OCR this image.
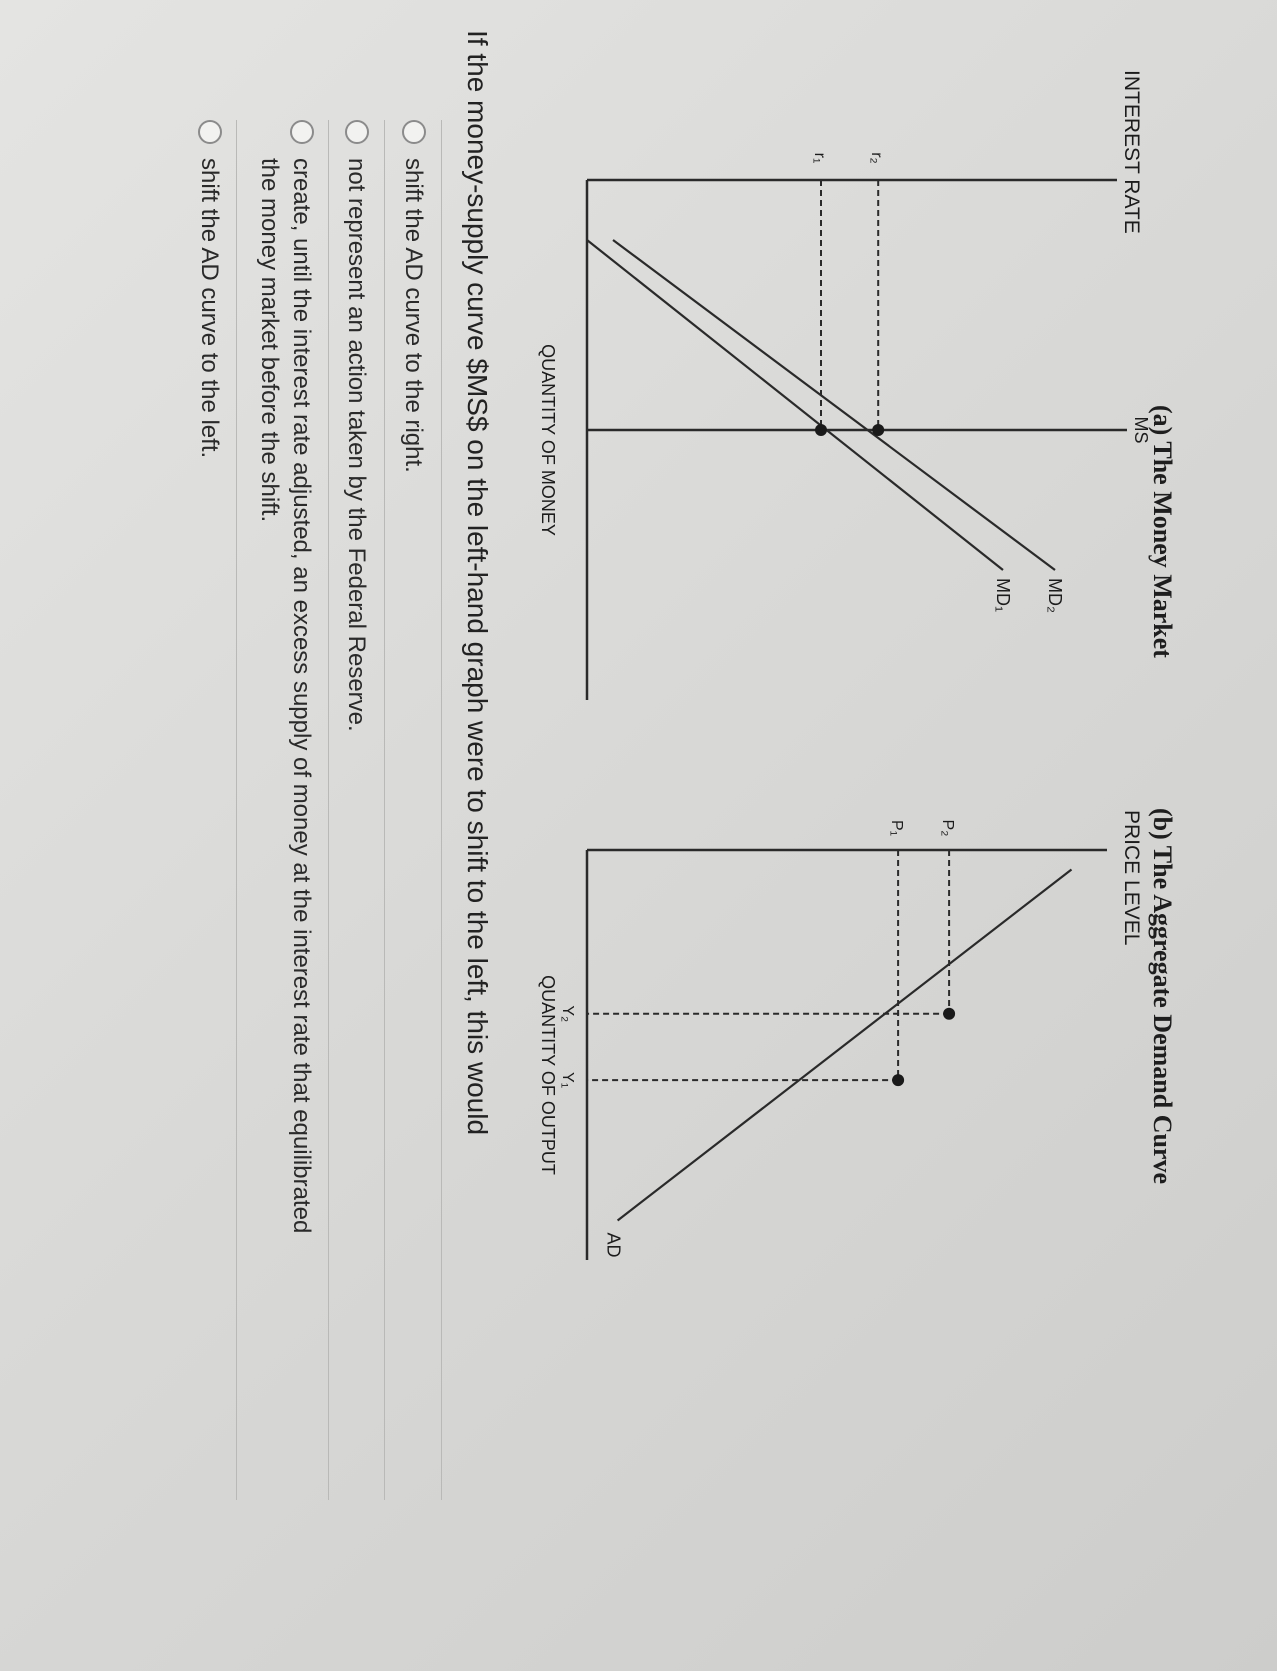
(a) The Money Market
(b) The Aggregate Demand Curve
INTEREST RATE
QUANTITY OF MONEY	MS
MD₂
MD₁
r₂
r₁
PRICE LEVEL
QUANTITY OF OUTPUT
AD
P₂
Y₂
P₁
Y₁
If the money-supply curve $MS$ on the left-hand graph were to shift to the left, this would
shift the AD curve to the right.
not represent an action taken by the Federal Reserve.
create, until the interest rate adjusted, an excess supply of money at the interest rate that equilibrated
the money market before the shift.
shift the AD curve to the left.
